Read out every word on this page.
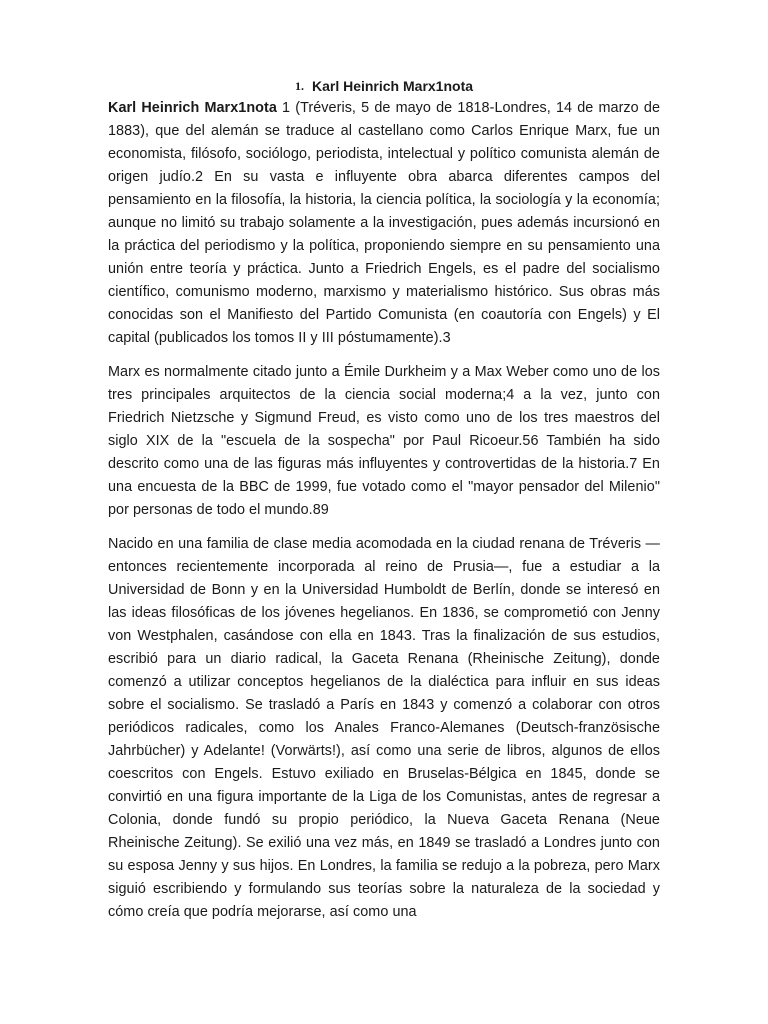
1. Karl Heinrich Marx1nota

Karl Heinrich Marx1nota 1 (Tréveris, 5 de mayo de 1818-Londres, 14 de marzo de 1883), que del alemán se traduce al castellano como Carlos Enrique Marx, fue un economista, filósofo, sociólogo, periodista, intelectual y político comunista alemán de origen judío.2 En su vasta e influyente obra abarca diferentes campos del pensamiento en la filosofía, la historia, la ciencia política, la sociología y la economía; aunque no limitó su trabajo solamente a la investigación, pues además incursionó en la práctica del periodismo y la política, proponiendo siempre en su pensamiento una unión entre teoría y práctica. Junto a Friedrich Engels, es el padre del socialismo científico, comunismo moderno, marxismo y materialismo histórico. Sus obras más conocidas son el Manifiesto del Partido Comunista (en coautoría con Engels) y El capital (publicados los tomos II y III póstumamente).3

Marx es normalmente citado junto a Émile Durkheim y a Max Weber como uno de los tres principales arquitectos de la ciencia social moderna;4 a la vez, junto con Friedrich Nietzsche y Sigmund Freud, es visto como uno de los tres maestros del siglo XIX de la "escuela de la sospecha" por Paul Ricoeur.56 También ha sido descrito como una de las figuras más influyentes y controvertidas de la historia.7 En una encuesta de la BBC de 1999, fue votado como el "mayor pensador del Milenio" por personas de todo el mundo.89

Nacido en una familia de clase media acomodada en la ciudad renana de Tréveris —entonces recientemente incorporada al reino de Prusia—, fue a estudiar a la Universidad de Bonn y en la Universidad Humboldt de Berlín, donde se interesó en las ideas filosóficas de los jóvenes hegelianos. En 1836, se comprometió con Jenny von Westphalen, casándose con ella en 1843. Tras la finalización de sus estudios, escribió para un diario radical, la Gaceta Renana (Rheinische Zeitung), donde comenzó a utilizar conceptos hegelianos de la dialéctica para influir en sus ideas sobre el socialismo. Se trasladó a París en 1843 y comenzó a colaborar con otros periódicos radicales, como los Anales Franco-Alemanes (Deutsch-französische Jahrbücher) y Adelante! (Vorwärts!), así como una serie de libros, algunos de ellos coescritos con Engels. Estuvo exiliado en Bruselas-Bélgica en 1845, donde se convirtió en una figura importante de la Liga de los Comunistas, antes de regresar a Colonia, donde fundó su propio periódico, la Nueva Gaceta Renana (Neue Rheinische Zeitung). Se exilió una vez más, en 1849 se trasladó a Londres junto con su esposa Jenny y sus hijos. En Londres, la familia se redujo a la pobreza, pero Marx siguió escribiendo y formulando sus teorías sobre la naturaleza de la sociedad y cómo creía que podría mejorarse, así como una
